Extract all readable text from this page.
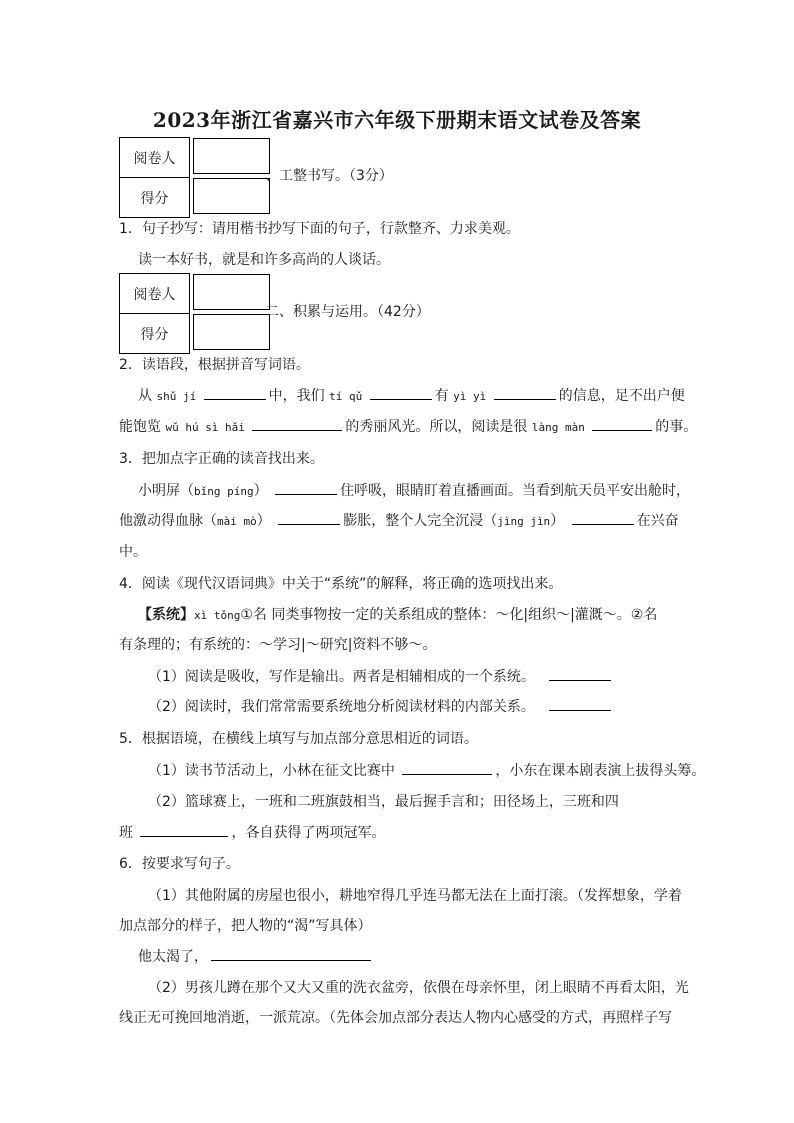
2023年浙江省嘉兴市六年级下册期末语文试卷及答案
阅卷人	
得分	
、工整书写。（3分）
1．句子抄写：请用楷书抄写下面的句子，行款整齐、力求美观。
读一本好书，就是和许多高尚的人谈话。
阅卷人	
得分	
二、积累与运用。（42分）
2．读语段，根据拼音写词语。
从 shǔ jí	中，我们 tí qǔ	有 yì yì	的信息，足不出户便
能饱览 wǔ hú sì hǎi	的秀丽风光。所以，阅读是很 làng màn	的事。
3．把加点字正确的读音找出来。
小明屏（bǐng píng）	住呼吸，眼睛盯着直播画面。当看到航天员平安出舱时，
他激动得血脉（mài mò）	膨胀，整个人完全沉浸（jìng jìn）	在兴奋
中。
4．阅读《现代汉语词典》中关于“系统”的解释，将正确的选项找出来。
【系统】xì tǒng①名 同类事物按一定的关系组成的整体：～化|组织～|灌溉～。②名
有条理的；有系统的：～学习|～研究|资料不够～。
（1）阅读是吸收，写作是输出。两者是相辅相成的一个系统。
（2）阅读时，我们常常需要系统地分析阅读材料的内部关系。
5．根据语境，在横线上填写与加点部分意思相近的词语。
（1）读书节活动上，小林在征文比赛中	，小东在课本剧表演上拔得头筹。
（2）篮球赛上，一班和二班旗鼓相当，最后握手言和；田径场上，三班和四
班	，各自获得了两项冠军。
6．按要求写句子。
（1）其他附属的房屋也很小，耕地窄得几乎连马都无法在上面打滚。（发挥想象，学着
加点部分的样子，把人物的“渴”写具体）
他太渴了，
（2）男孩儿蹲在那个又大又重的洗衣盆旁，依偎在母亲怀里，闭上眼睛不再看太阳，光
线正无可挽回地消逝，一派荒凉。（先体会加点部分表达人物内心感受的方式，再照样子写
